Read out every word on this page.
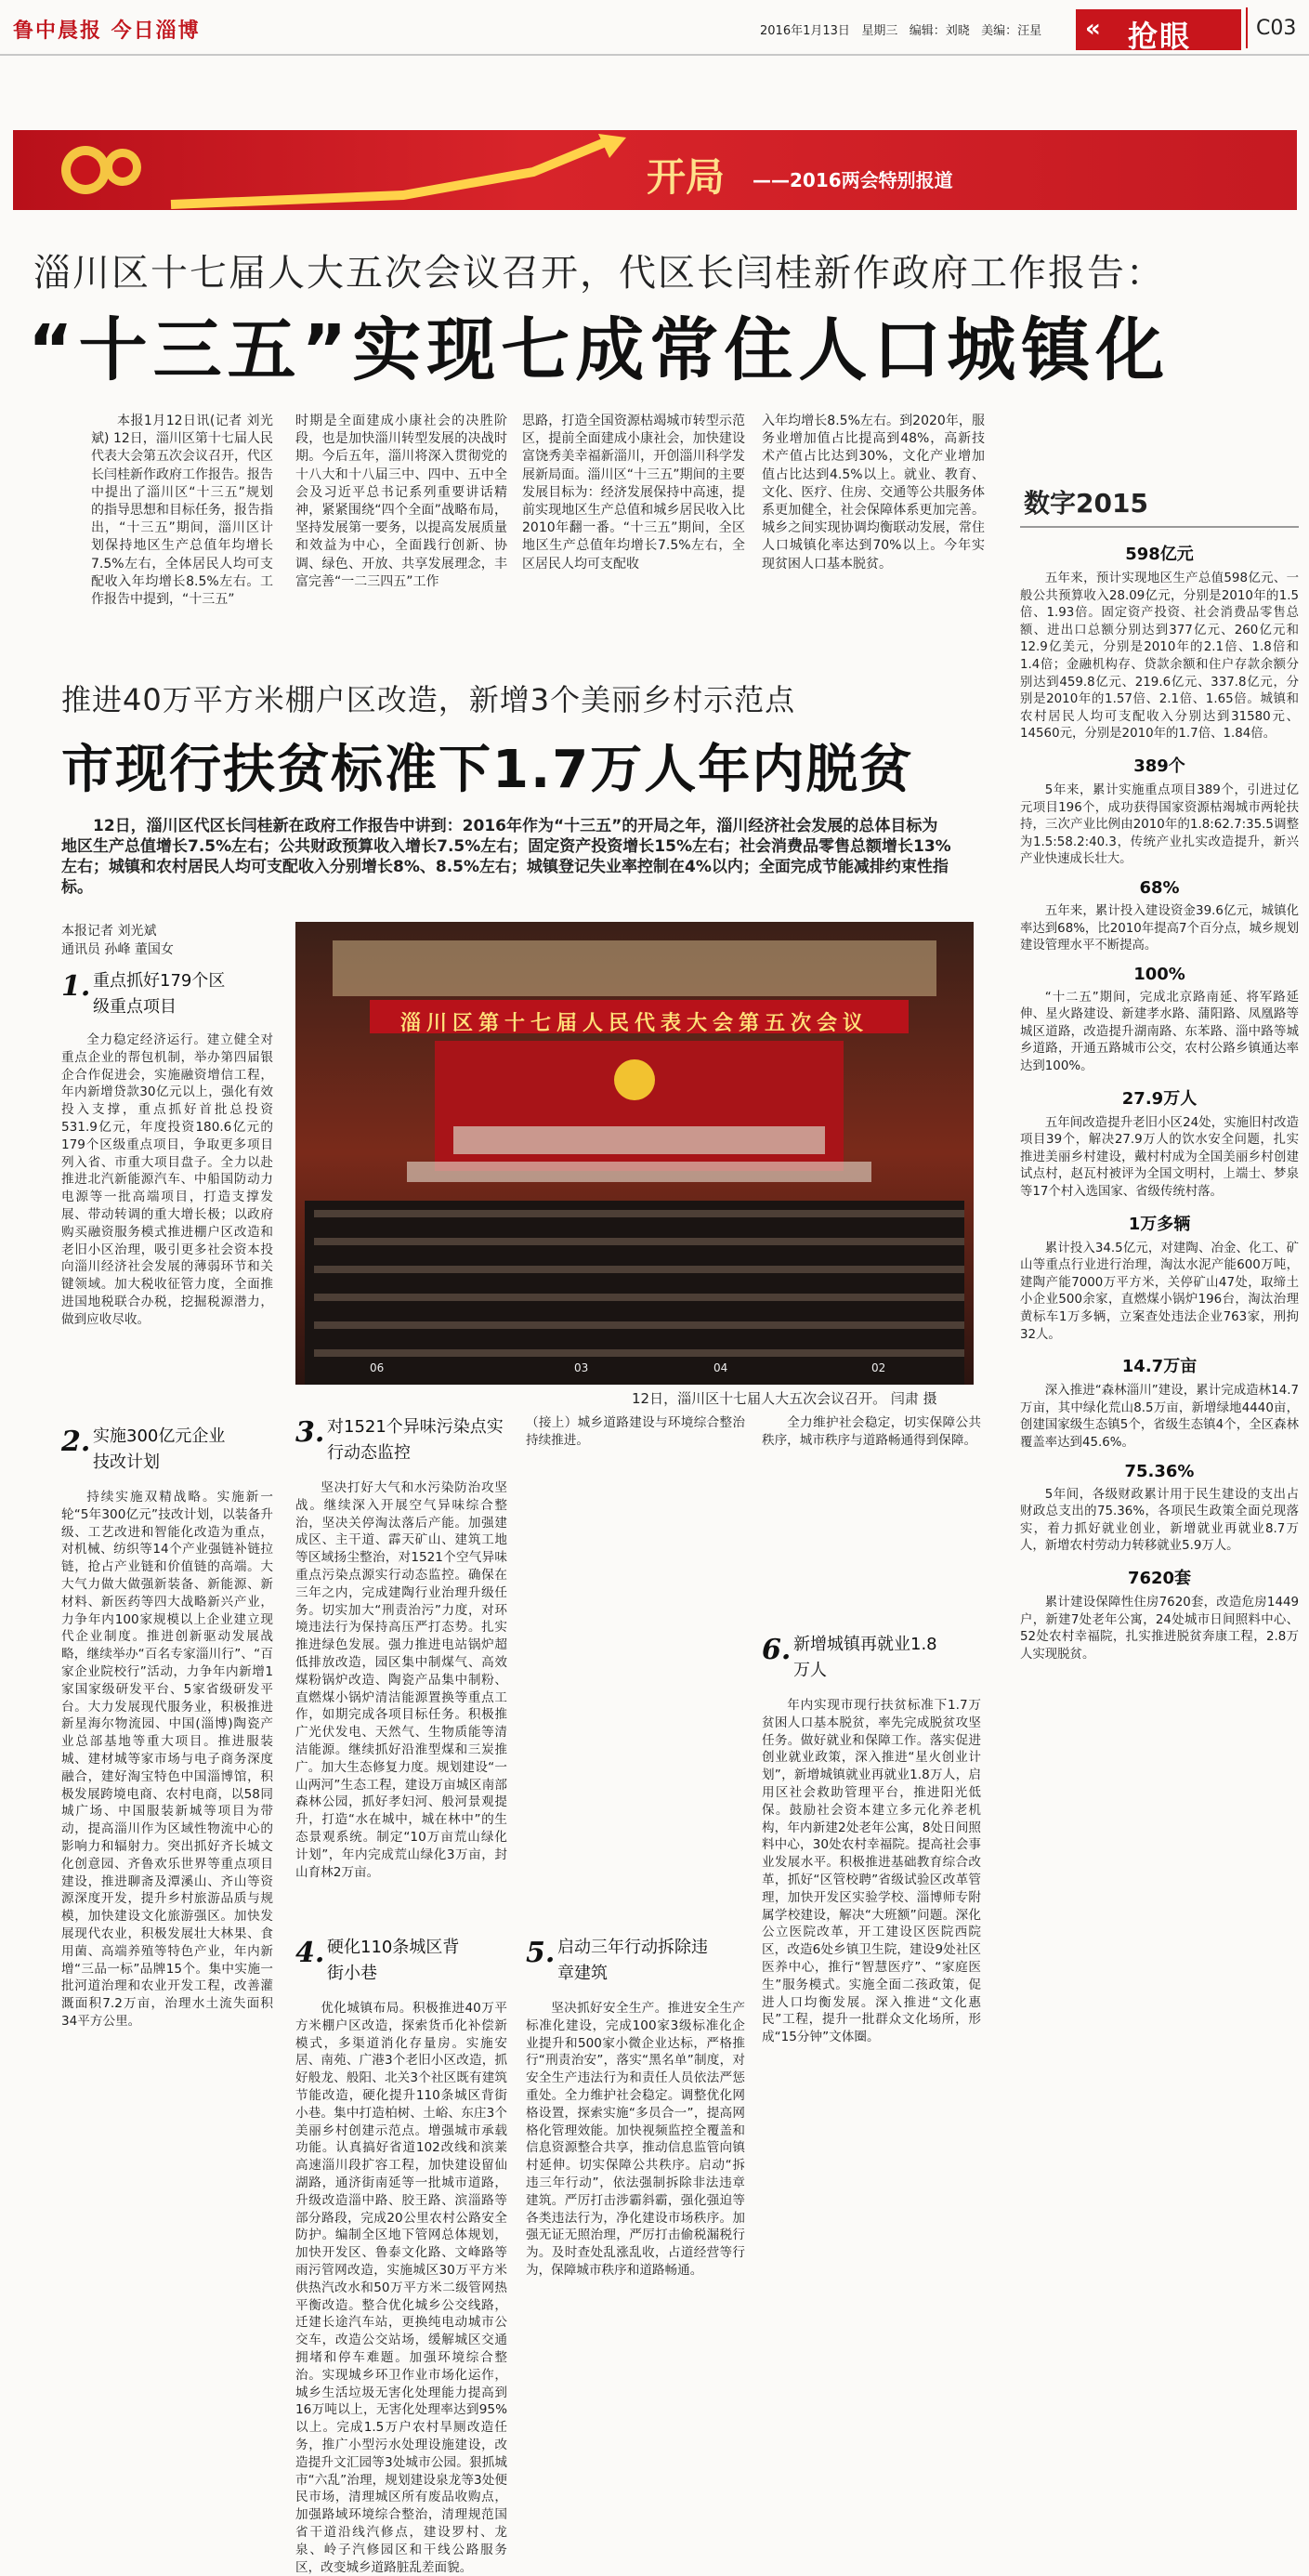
鲁中晨报 今日淄博	2016年1月13日 星期三 编辑：刘晓 美编：汪星 « 抢眼	C03
开局 ——2016两会特别报道
淄川区十七届人大五次会议召开，代区长闫桂新作政府工作报告：
“十三五”实现七成常住人口城镇化

本报1月12日讯(记者 刘光斌) 12日，淄川区第十七届人民代表大会第五次会议召开，代区长闫桂新作政府工作报告。报告中提出了淄川区“十三五”规划的指导思想和目标任务，报告指出，“十三五”期间，淄川区计划保持地区生产总值年均增长7.5%左右，全体居民人均可支配收入年均增长8.5%左右。工作报告中提到，“十三五”

时期是全面建成小康社会的决胜阶段，也是加快淄川转型发展的决战时期。今后五年，淄川将深入贯彻党的十八大和十八届三中、四中、五中全会及习近平总书记系列重要讲话精神，紧紧围绕“四个全面”战略布局，坚持发展第一要务，以提高发展质量和效益为中心，全面践行创新、协调、绿色、开放、共享发展理念，丰富完善“一二三四五”工作

思路，打造全国资源枯竭城市转型示范区，提前全面建成小康社会，加快建设富饶秀美幸福新淄川，开创淄川科学发展新局面。淄川区“十三五”期间的主要发展目标为：经济发展保持中高速，提前实现地区生产总值和城乡居民收入比2010年翻一番。“十三五”期间，全区地区生产总值年均增长7.5%左右，全区居民人均可支配收

入年均增长8.5%左右。到2020年，服务业增加值占比提高到48%，高新技术产值占比达到30%，文化产业增加值占比达到4.5%以上。就业、教育、文化、医疗、住房、交通等公共服务体系更加健全，社会保障体系更加完善。城乡之间实现协调均衡联动发展，常住人口城镇化率达到70%以上。今年实现贫困人口基本脱贫。

推进40万平方米棚户区改造，新增3个美丽乡村示范点
市现行扶贫标准下1.7万人年内脱贫
12日，淄川区代区长闫桂新在政府工作报告中讲到：2016年作为“十三五”的开局之年，淄川经济社会发展的总体目标为地区生产总值增长7.5%左右；公共财政预算收入增长7.5%左右；固定资产投资增长15%左右；社会消费品零售总额增长13%左右；城镇和农村居民人均可支配收入分别增长8%、8.5%左右；城镇登记失业率控制在4%以内；全面完成节能减排约束性指标。
本报记者 刘光斌
通讯员 孙峰 董国女
06	03	04	02
淄川区第十七届人民代表大会第五次会议
12日，淄川区十七届人大五次会议召开。 闫肃 摄
1. 重点抓好179个区级重点项目

全力稳定经济运行。建立健全对重点企业的帮包机制，举办第四届银企合作促进会，实施融资增信工程，年内新增贷款30亿元以上，强化有效投入支撑，重点抓好首批总投资531.9亿元，年度投资180.6亿元的179个区级重点项目，争取更多项目列入省、市重大项目盘子。全力以赴推进北汽新能源汽车、中船国防动力电源等一批高端项目，打造支撑发展、带动转调的重大增长极；以政府购买融资服务模式推进棚户区改造和老旧小区治理，吸引更多社会资本投向淄川经济社会发展的薄弱环节和关键领域。加大税收征管力度，全面推进国地税联合办税，挖掘税源潜力，做到应收尽收。

2. 实施300亿元企业技改计划

持续实施双精战略。实施新一轮“5年300亿元”技改计划，以装备升级、工艺改进和智能化改造为重点，对机械、纺织等14个产业强链补链拉链，抢占产业链和价值链的高端。大大气力做大做强新装备、新能源、新材料、新医药等四大战略新兴产业，力争年内100家规模以上企业建立现代企业制度。推进创新驱动发展战略，继续举办“百名专家淄川行”、“百家企业院校行”活动，力争年内新增1家国家级研发平台、5家省级研发平台。大力发展现代服务业，积极推进新星海尔物流园、中国(淄博)陶瓷产业总部基地等重大项目。推进服装城、建材城等家市场与电子商务深度融合，建好淘宝特色中国淄博馆，积极发展跨境电商、农村电商，以58同城广场、中国服装新城等项目为带动，提高淄川作为区域性物流中心的影响力和辐射力。突出抓好齐长城文化创意园、齐鲁欢乐世界等重点项目建设，推进聊斋及潭溪山、齐山等资源深度开发，提升乡村旅游品质与规模，加快建设文化旅游强区。加快发展现代农业，积极发展壮大林果、食用菌、高端养殖等特色产业，年内新增“三品一标”品牌15个。集中实施一批河道治理和农业开发工程，改善灌溉面积7.2万亩，治理水土流失面积34平方公里。

3. 对1521个异味污染点实行动态监控

坚决打好大气和水污染防治攻坚战。继续深入开展空气异味综合整治，坚决关停淘汰落后产能。加强建成区、主干道、霹天矿山、建筑工地等区域扬尘整治，对1521个空气异味重点污染点源实行动态监控。确保在三年之内，完成建陶行业治理升级任务。切实加大“刑责治污”力度，对环境违法行为保持高压严打态势。扎实推进绿色发展。强力推进电站锅炉超低排放改造，园区集中制煤气、高效煤粉锅炉改造、陶瓷产品集中制粉、直燃煤小锅炉清洁能源置换等重点工作，如期完成各项目标任务。积极推广光伏发电、天然气、生物质能等清洁能源。继续抓好沿淮型煤和三炭推广。加大生态修复力度。规划建设“一山两河”生态工程，建设万亩城区南部森林公园，抓好孝妇河、般河景观提升，打造“水在城中，城在林中”的生态景观系统。制定“10万亩荒山绿化计划”，年内完成荒山绿化3万亩，封山育林2万亩。

4. 硬化110条城区背街小巷

优化城镇布局。积极推进40万平方米棚户区改造，探索货币化补偿新模式，多渠道消化存量房。实施安居、南苑、广港3个老旧小区改造，抓好般龙、般阳、北关3个社区既有建筑节能改造，硬化提升110条城区背街小巷。集中打造柏树、土峪、东庄3个美丽乡村创建示范点。增强城市承载功能。认真搞好省道102改线和滨莱高速淄川段扩容工程，加快建设留仙湖路，通济街南延等一批城市道路，升级改造淄中路、胶王路、滨淄路等部分路段，完成20公里农村公路安全防护。编制全区地下管网总体规划，加快开发区、鲁泰文化路、文峰路等雨污管网改造，实施城区30万平方米供热汽改水和50万平方米二级管网热平衡改造。整合优化城乡公交线路，迁建长途汽车站，更换纯电动城市公交车，改造公交站场，缓解城区交通拥堵和停车难题。加强环境综合整治。实现城乡环卫作业市场化运作，城乡生活垃圾无害化处理能力提高到16万吨以上，无害化处理率达到95%以上。完成1.5万户农村旱厕改造任务，推广小型污水处理设施建设，改造提升文汇园等3处城市公园。狠抓城市“六乱”治理，规划建设泉龙等3处便民市场，清理城区所有废品收购点，加强路域环境综合整治，清理规范国省干道沿线汽修点，建设罗村、龙泉、岭子汽修园区和干线公路服务区，改变城乡道路脏乱差面貌。

（接上）城乡道路建设与环境综合整治持续推进。

5. 启动三年行动拆除违章建筑

坚决抓好安全生产。推进安全生产标准化建设，完成100家3级标准化企业提升和500家小微企业达标，严格推行“刑责治安”，落实“黑名单”制度，对安全生产违法行为和责任人员依法严惩重处。全力维护社会稳定。调整优化网格设置，探索实施“多员合一”，提高网格化管理效能。加快视频监控全覆盖和信息资源整合共享，推动信息监管向镇村延伸。切实保障公共秩序。启动“拆违三年行动”，依法强制拆除非法违章建筑。严厉打击涉霸斜霸，强化强迫等各类违法行为，净化建设市场秩序。加强无证无照治理，严厉打击偷税漏税行为。及时查处乱涨乱收，占道经营等行为，保障城市秩序和道路畅通。

6. 新增城镇再就业1.8万人

年内实现市现行扶贫标准下1.7万贫困人口基本脱贫，率先完成脱贫攻坚任务。做好就业和保障工作。落实促进创业就业政策，深入推进“星火创业计划”，新增城镇就业再就业1.8万人，启用区社会救助管理平台，推进阳光低保。鼓励社会资本建立多元化养老机构，年内新建2处老年公寓，8处日间照料中心，30处农村幸福院。提高社会事业发展水平。积极推进基础教育综合改革，抓好“区管校聘”省级试验区改革管理，加快开发区实验学校、淄博师专附属学校建设，解决“大班额”问题。深化公立医院改革，开工建设区医院西院区，改造6处乡镇卫生院，建设9处社区医养中心，推行“智慧医疗”、“家庭医生”服务模式。实施全面二孩政策，促进人口均衡发展。深入推进“文化惠民”工程，提升一批群众文化场所，形成“15分钟”文体圈。

全力维护社会稳定，切实保障公共秩序，城市秩序与道路畅通得到保障。

数字2015
598亿元

五年来，预计实现地区生产总值598亿元、一般公共预算收入28.09亿元，分别是2010年的1.5倍、1.93倍。固定资产投资、社会消费品零售总额、进出口总额分别达到377亿元、260亿元和12.9亿美元，分别是2010年的2.1倍、1.8倍和1.4倍；金融机构存、贷款余额和住户存款余额分别达到459.8亿元、219.6亿元、337.8亿元，分别是2010年的1.57倍、2.1倍、1.65倍。城镇和农村居民人均可支配收入分别达到31580元、14560元，分别是2010年的1.7倍、1.84倍。

389个

5年来，累计实施重点项目389个，引进过亿元项目196个，成功获得国家资源枯竭城市两轮扶持，三次产业比例由2010年的1.8:62.7:35.5调整为1.5:58.2:40.3，传统产业扎实改造提升，新兴产业快速成长壮大。

68%

五年来，累计投入建设资金39.6亿元，城镇化率达到68%，比2010年提高7个百分点，城乡规划建设管理水平不断提高。

100%

“十二五”期间，完成北京路南延、将军路延伸、星火路建设、新建孝水路、蒲阳路、凤凰路等城区道路，改造提升湖南路、东苯路、淄中路等城乡道路，开通五路城市公交，农村公路乡镇通达率达到100%。

27.9万人

五年间改造提升老旧小区24处，实施旧村改造项目39个，解决27.9万人的饮水安全问题，扎实推进美丽乡村建设，戴村村成为全国美丽乡村创建试点村，赵瓦村被评为全国文明村，上端士、梦泉等17个村入选国家、省级传统村落。

1万多辆

累计投入34.5亿元，对建陶、冶金、化工、矿山等重点行业进行治理，淘汰水泥产能600万吨，建陶产能7000万平方米，关停矿山47处，取缔土小企业500余家，直燃煤小锅炉196台，淘汰治理黄标车1万多辆，立案查处违法企业763家，刑拘32人。

14.7万亩

深入推进“森林淄川”建设，累计完成造林14.7万亩，其中绿化荒山8.5万亩，新增绿地4440亩，创建国家级生态镇5个，省级生态镇4个，全区森林覆盖率达到45.6%。

75.36%

5年间，各级财政累计用于民生建设的支出占财政总支出的75.36%，各项民生政策全面兑现落实，着力抓好就业创业，新增就业再就业8.7万人，新增农村劳动力转移就业5.9万人。

7620套

累计建设保障性住房7620套，改造危房1449户，新建7处老年公寓，24处城市日间照料中心、52处农村幸福院，扎实推进脱贫奔康工程，2.8万人实现脱贫。
